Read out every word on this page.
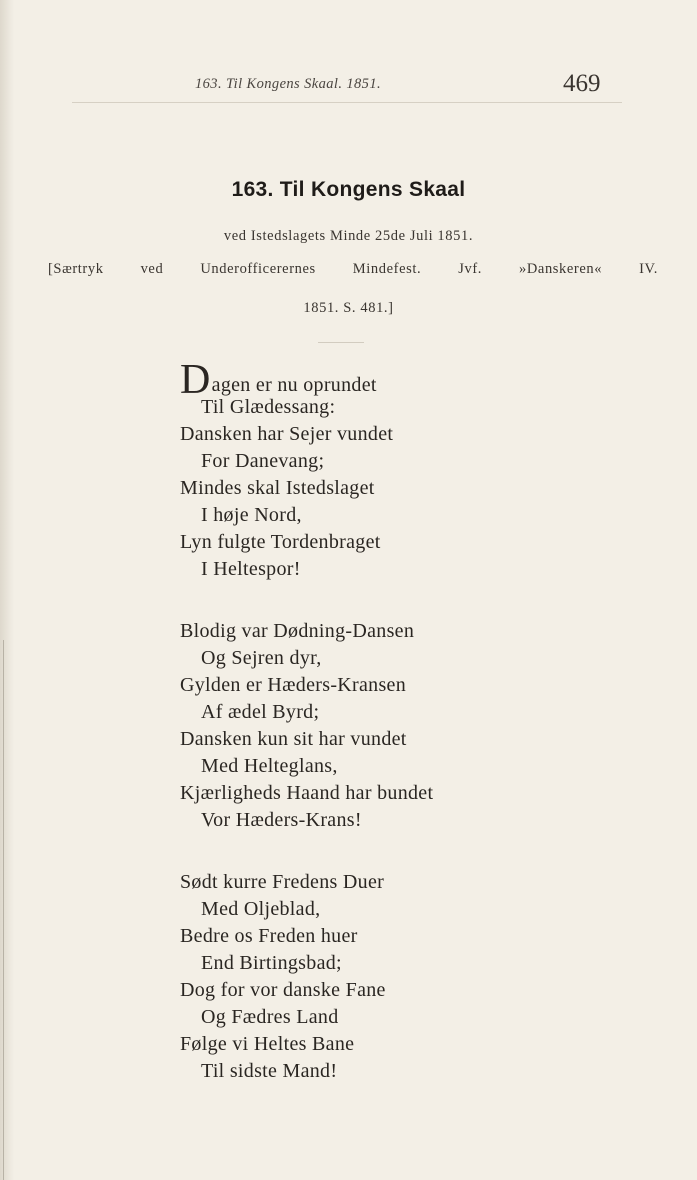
163. Til Kongens Skaal. 1851.	469
163. Til Kongens Skaal
ved Istedslagets Minde 25de Juli 1851.
[Særtryk ved Underofficerernes Mindefest. Jvf. »Danskeren« IV.
1851. S. 481.]
Dagen er nu oprundet
Til Glædessang:
Dansken har Sejer vundet
For Danevang;
Mindes skal Istedslaget
I høje Nord,
Lyn fulgte Tordenbraget
I Heltespor!
Blodig var Dødning-Dansen
Og Sejren dyr,
Gylden er Hæders-Kransen
Af ædel Byrd;
Dansken kun sit har vundet
Med Helteglans,
Kjærligheds Haand har bundet
Vor Hæders-Krans!
Sødt kurre Fredens Duer
Med Oljeblad,
Bedre os Freden huer
End Birtingsbad;
Dog for vor danske Fane
Og Fædres Land
Følge vi Heltes Bane
Til sidste Mand!
